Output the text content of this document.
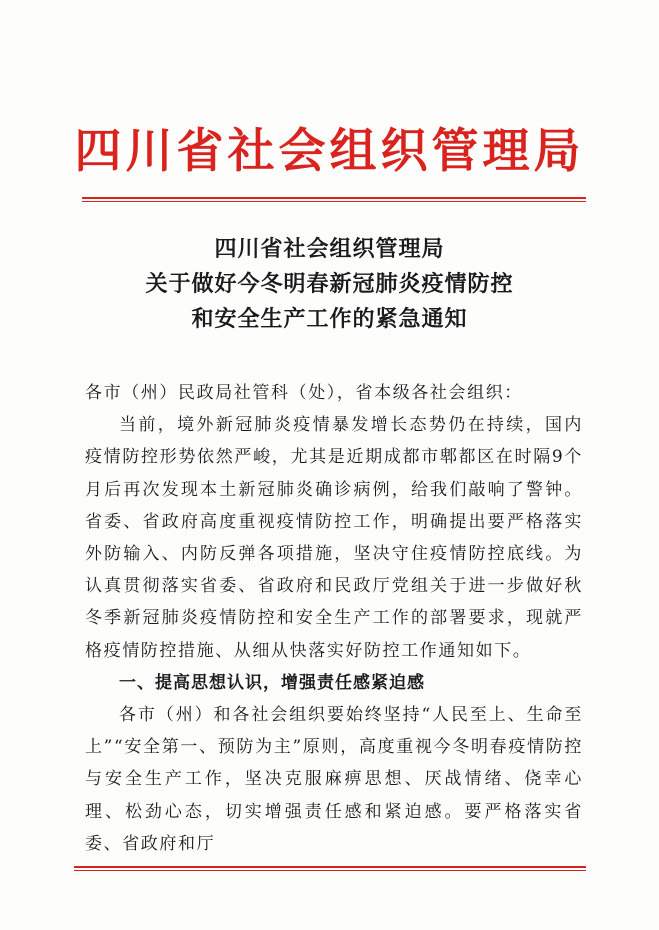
四川省社会组织管理局
四川省社会组织管理局
关于做好今冬明春新冠肺炎疫情防控
和安全生产工作的紧急通知
各市（州）民政局社管科（处），省本级各社会组织：
当前，境外新冠肺炎疫情暴发增长态势仍在持续，国内疫情防控形势依然严峻，尤其是近期成都市郫都区在时隔9个月后再次发现本土新冠肺炎确诊病例，给我们敲响了警钟。省委、省政府高度重视疫情防控工作，明确提出要严格落实外防输入、内防反弹各项措施，坚决守住疫情防控底线。为认真贯彻落实省委、省政府和民政厅党组关于进一步做好秋冬季新冠肺炎疫情防控和安全生产工作的部署要求，现就严格疫情防控措施、从细从快落实好防控工作通知如下。
一、提高思想认识，增强责任感紧迫感
各市（州）和各社会组织要始终坚持“人民至上、生命至上”“安全第一、预防为主”原则，高度重视今冬明春疫情防控与安全生产工作，坚决克服麻痹思想、厌战情绪、侥幸心理、松劲心态，切实增强责任感和紧迫感。要严格落实省委、省政府和厅
